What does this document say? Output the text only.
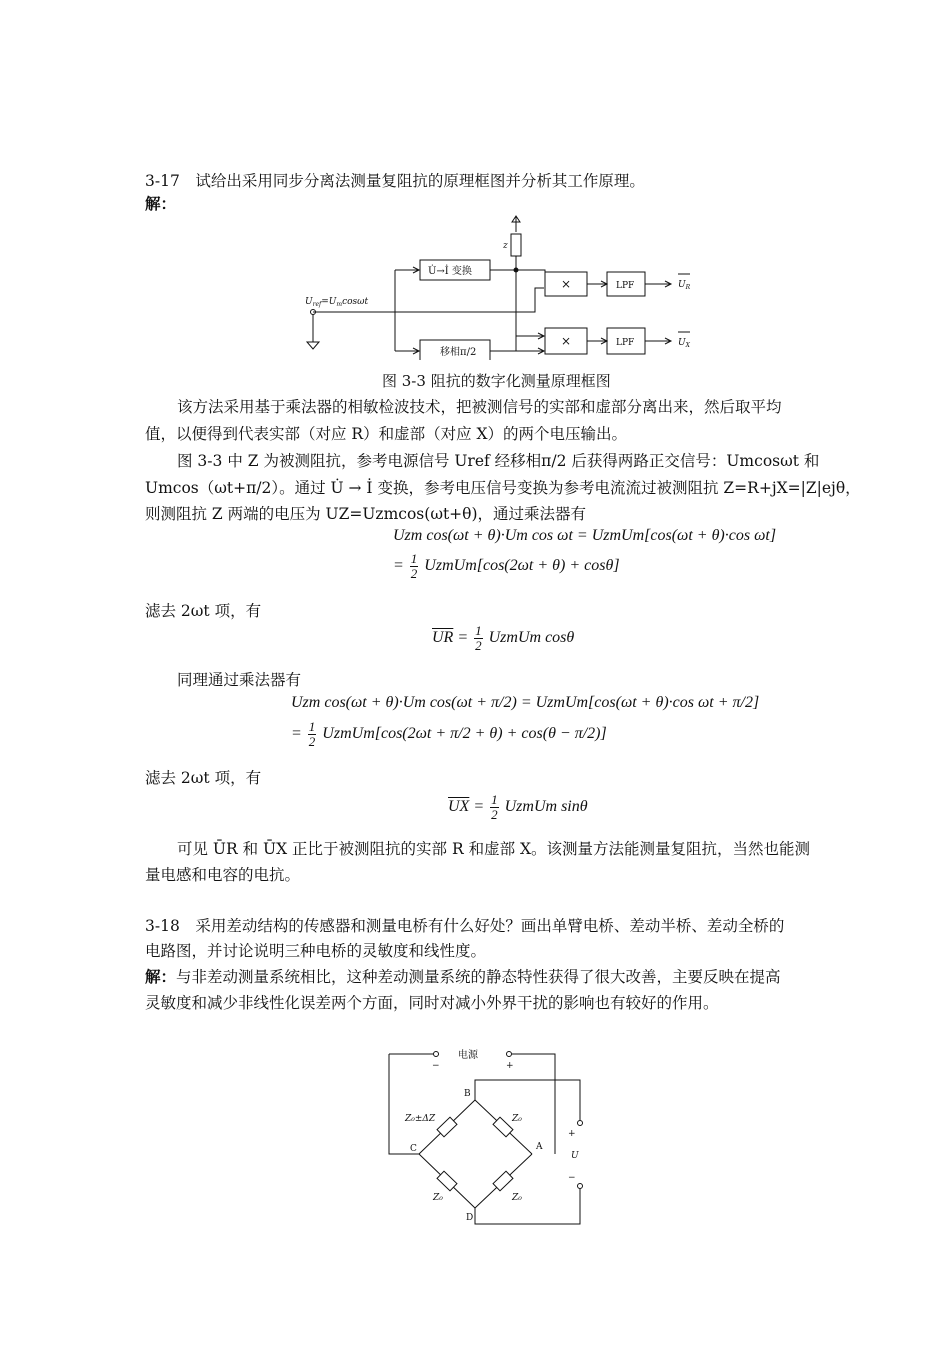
3-17　试给出采用同步分离法测量复阻抗的原理框图并分析其工作原理。
解：
$U_{ref}=U_m\cos\omega t$
z
U̇→İ 变换
×
×
LPF
LPF
移相π/2
$U_R$
$U_X$
图 3-3 阻抗的数字化测量原理框图
该方法采用基于乘法器的相敏检波技术，把被测信号的实部和虚部分离出来，然后取平均
值，以便得到代表实部（对应 R）和虚部（对应 X）的两个电压输出。
图 3-3 中 Z 为被测阻抗，参考电源信号 Uref 经移相π/2 后获得两路正交信号：Umcosωt 和
Umcos（ωt+π/2）。通过 U̇ → İ 变换，参考电压信号变换为参考电流流过被测阻抗 Z=R+jX=|Z|ejθ，
则测阻抗 Z 两端的电压为 UZ=Uzmcos(ωt+θ)，通过乘法器有
Uzm cos(ωt + θ)·Um cos ωt = UzmUm[cos(ωt + θ)·cos ωt]
= $\frac{1}{2}$ UzmUm[cos(2ωt + θ) + cosθ]
滤去 2ωt 项，有
$\overline{UR} = \frac{1}{2}$ UzmUm cosθ
同理通过乘法器有
Uzm cos(ωt + θ)·Um cos(ωt + π/2) = UzmUm[cos(ωt + θ)·cos ωt + π/2]
= $\frac{1}{2}$ UzmUm[cos(2ωt + π/2 + θ) + cos(θ − π/2)]
滤去 2ωt 项，有
$\overline{UX} = \frac{1}{2}$ UzmUm sinθ
可见 ŪR 和 ŪX 正比于被测阻抗的实部 R 和虚部 X。该测量方法能测量复阻抗，当然也能测
量电感和电容的电抗。
3-18　采用差动结构的传感器和测量电桥有什么好处？画出单臂电桥、差动半桥、差动全桥的
电路图，并讨论说明三种电桥的灵敏度和线性度。
解：与非差动测量系统相比，这种差动测量系统的静态特性获得了很大改善，主要反映在提高
灵敏度和减少非线性化误差两个方面，同时对减小外界干扰的影响也有较好的作用。
电源
−	+
B
A
C
D
Z₀±ΔZ	Z₀
Z₀	Z₀
U
+
−
